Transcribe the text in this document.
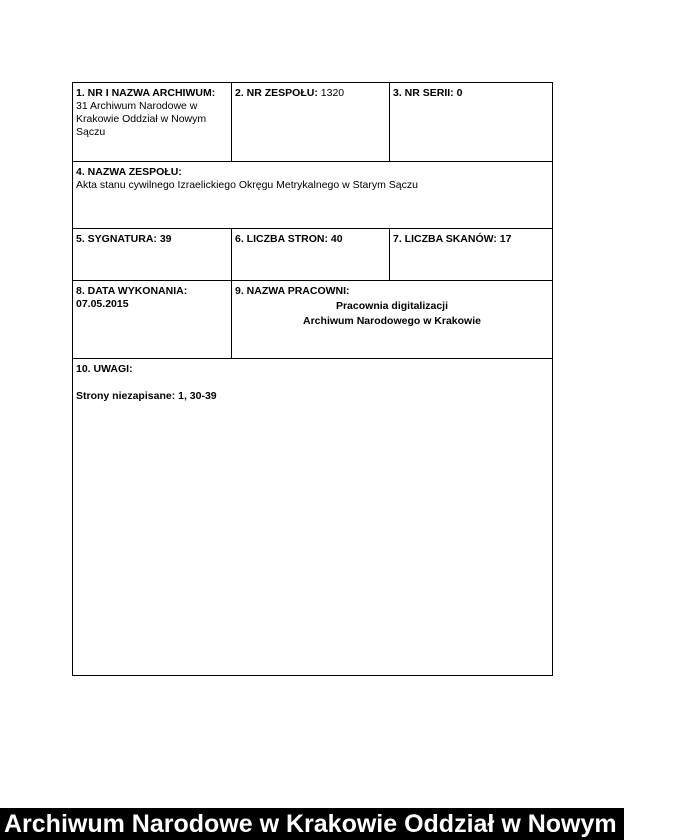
1. NR I NAZWA ARCHIWUM:
31 Archiwum Narodowe w Krakowie Oddział w Nowym Sączu
2. NR ZESPOŁU: 1320	3. NR SERII: 0
4. NAZWA ZESPOŁU:
Akta stanu cywilnego Izraelickiego Okręgu Metrykalnego w Starym Sączu
5. SYGNATURA: 39	6. LICZBA STRON: 40	7. LICZBA SKANÓW: 17
8. DATA WYKONANIA:
07.05.2015
9. NAZWA PRACOWNI:
Pracownia digitalizacji
Archiwum Narodowego w Krakowie
10. UWAGI:
Strony niezapisane: 1, 30-39
Archiwum Narodowe w Krakowie Oddział w Nowym Sączu
